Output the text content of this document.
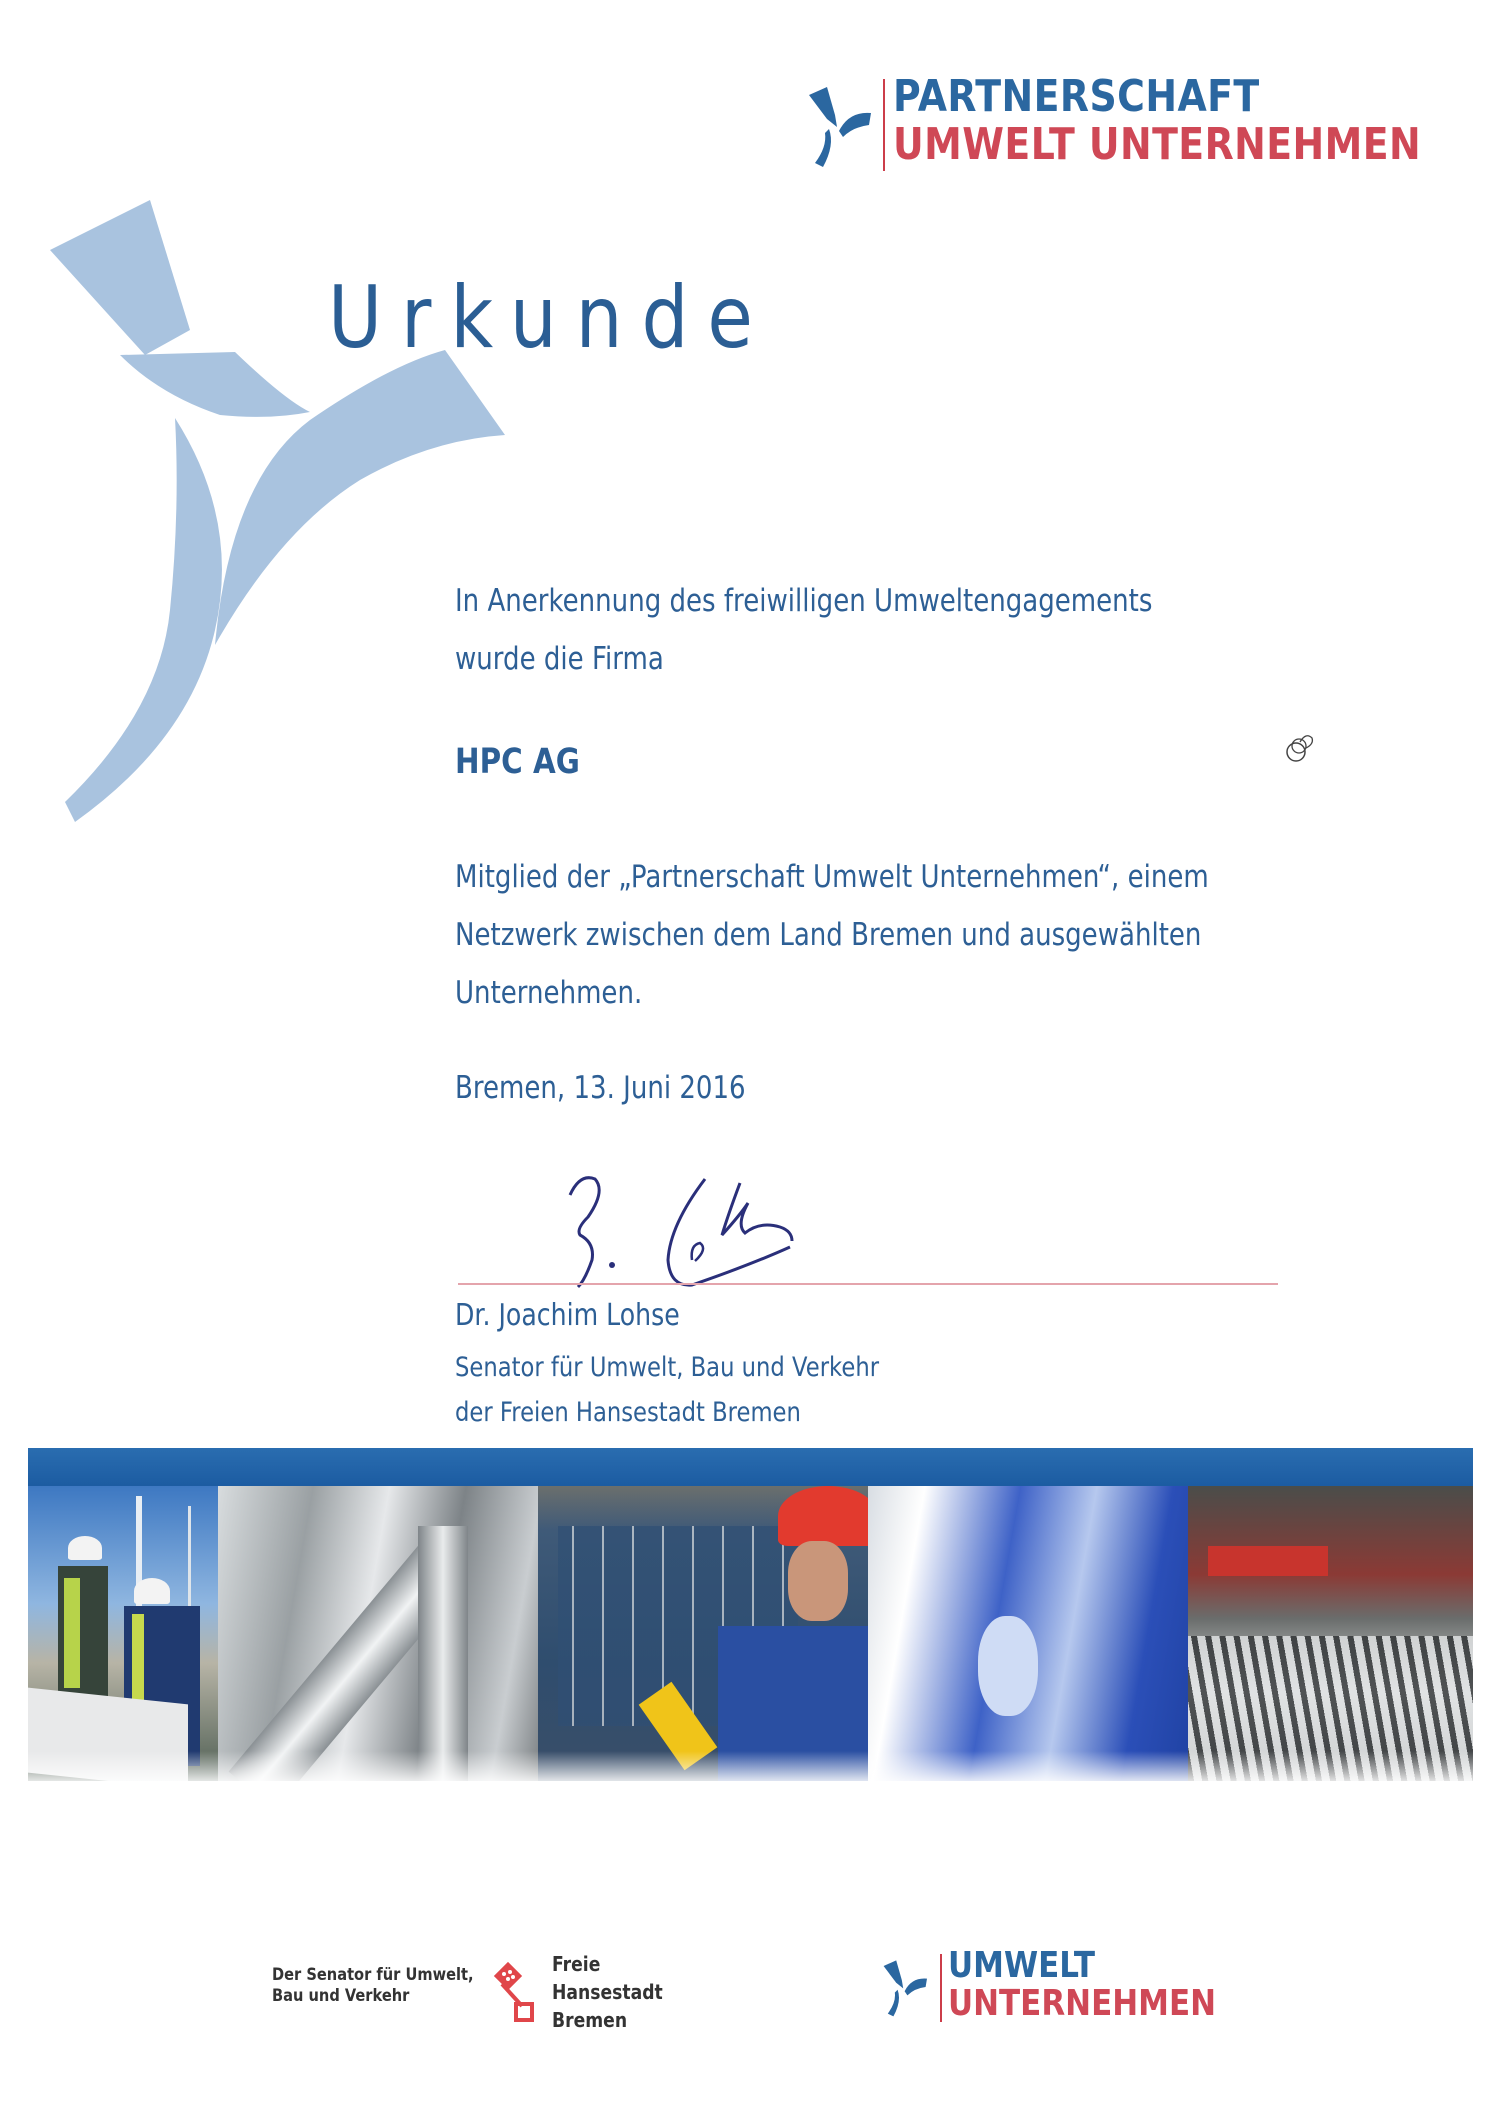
PARTNERSCHAFT
UMWELT UNTERNEHMEN
Urkunde
In Anerkennung des freiwilligen Umweltengagements
wurde die Firma
HPC AG
Mitglied der „Partnerschaft Umwelt Unternehmen“, einem
Netzwerk zwischen dem Land Bremen und ausgewählten
Unternehmen.
Bremen, 13. Juni 2016
Dr. Joachim Lohse
Senator für Umwelt, Bau und Verkehr
der Freien Hansestadt Bremen
Der Senator für Umwelt,
Bau und Verkehr
Freie
Hansestadt
Bremen
UMWELT
UNTERNEHMEN
